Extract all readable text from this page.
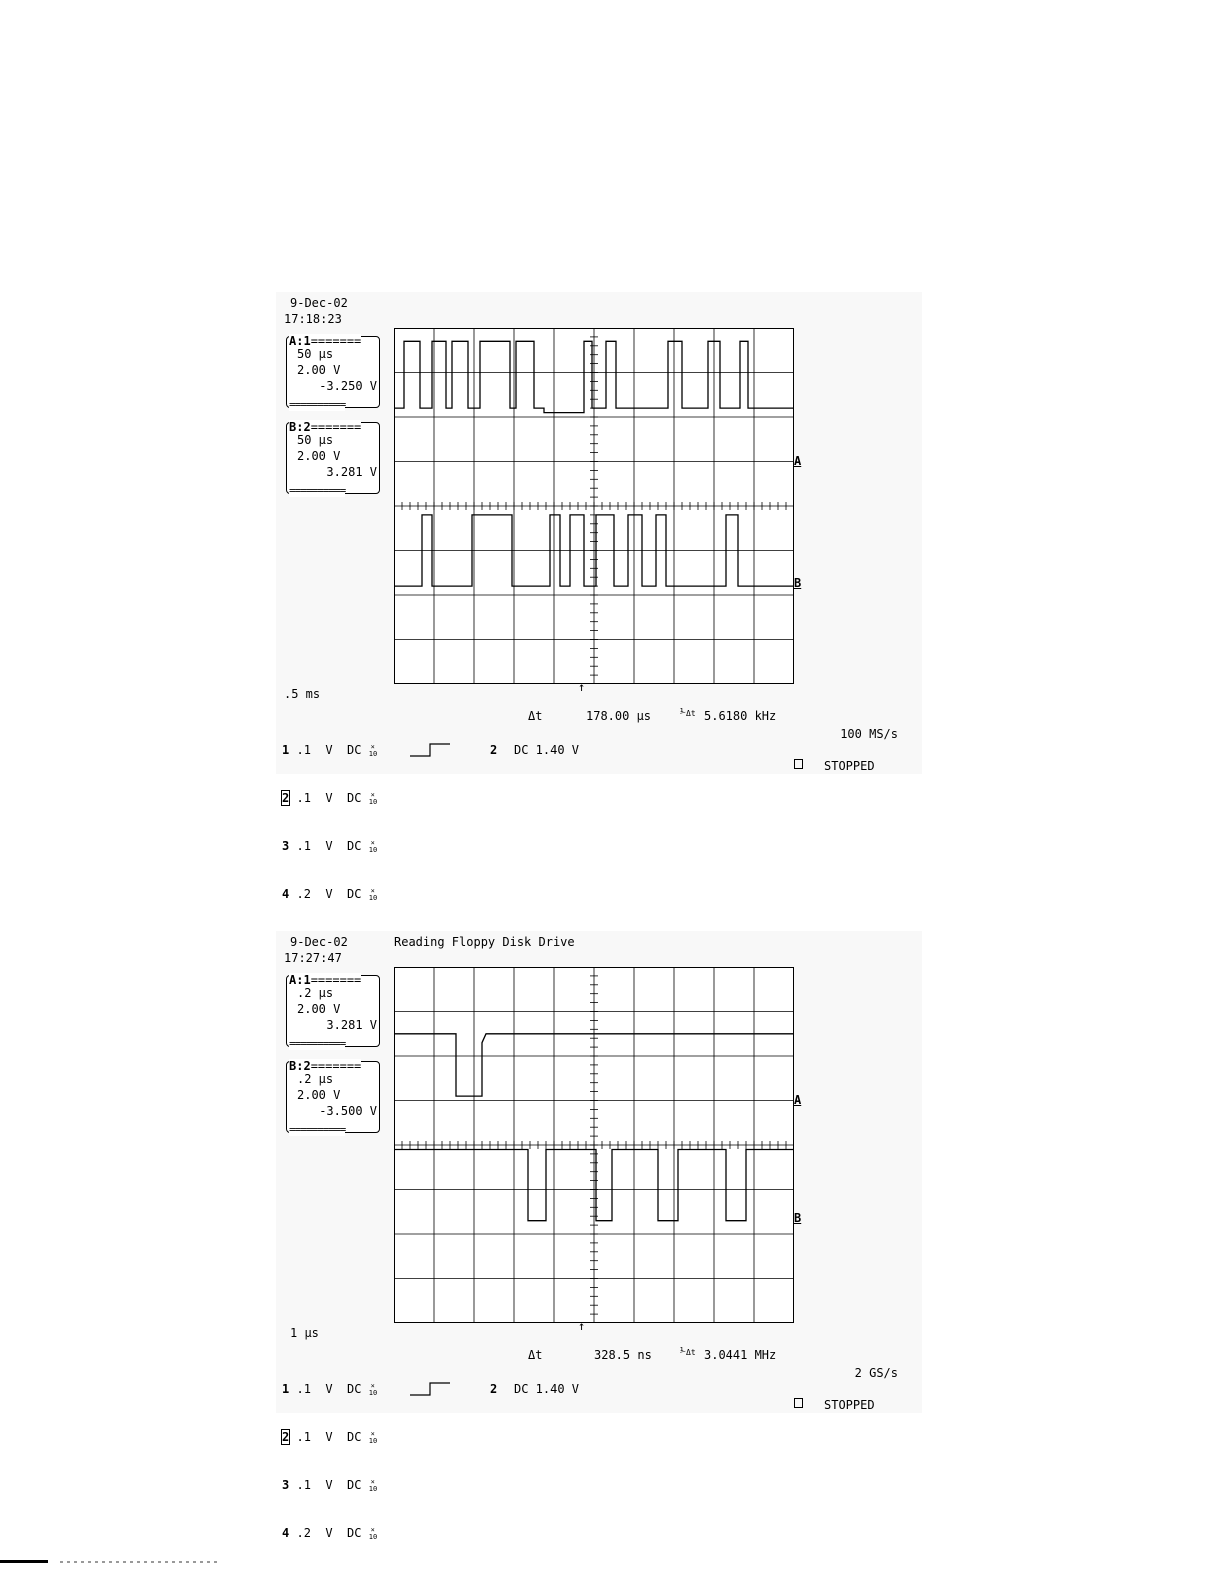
9-Dec-02
17:18:23
A:1=======
50 μs
2.00 V
-3.250 V
==========
B:2=======
50 μs
2.00 V
3.281 V
==========
A
B
↑
.5 ms

1 .1  V  DC ×
10

2 .1  V  DC ×
10

3 .1  V  DC ×
10

4 .2  V  DC ×
10

2 DC 1.40 V
Δt	178.00 μs	⅟Δt 5.6180 kHz
100 MS/s
STOPPED
9-Dec-02
17:27:47
Reading Floppy Disk Drive
A:1=======
.2 μs
2.00 V
3.281 V
==========
B:2=======
.2 μs
2.00 V
-3.500 V
==========
A
B
↑
1 μs

1 .1  V  DC ×
10

2 .1  V  DC ×
10

3 .1  V  DC ×
10

4 .2  V  DC ×
10

2 DC 1.40 V
Δt	328.5 ns	⅟Δt 3.0441 MHz
2 GS/s
STOPPED
